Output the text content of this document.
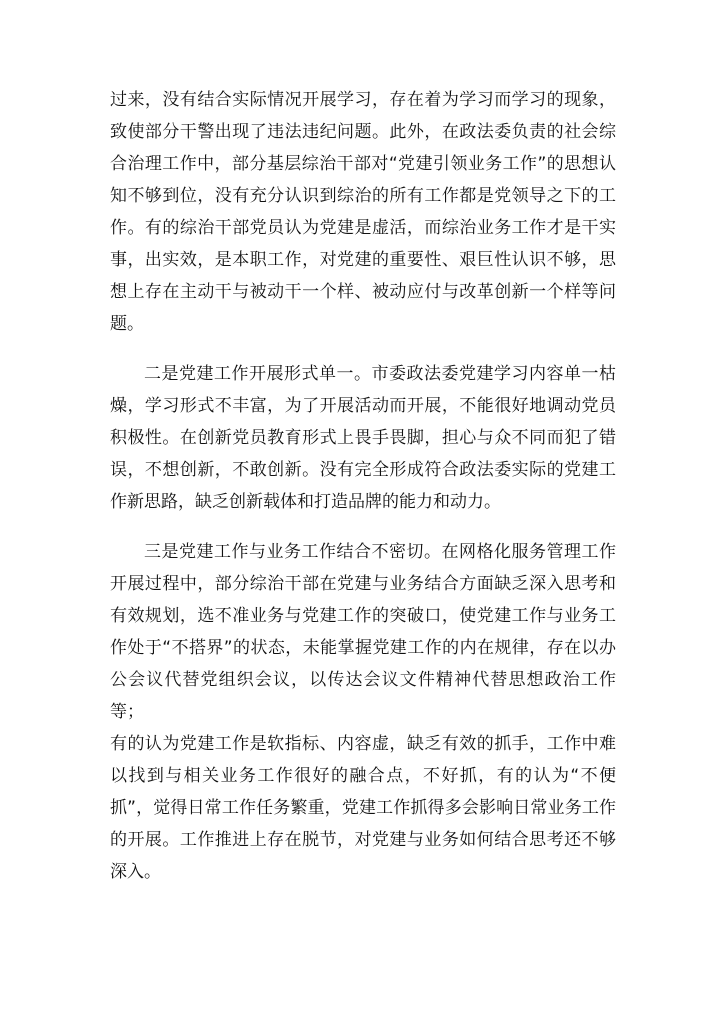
过来，没有结合实际情况开展学习，存在着为学习而学习的现象，致使部分干警出现了违法违纪问题。此外，在政法委负责的社会综合治理工作中，部分基层综治干部对“党建引领业务工作”的思想认知不够到位，没有充分认识到综治的所有工作都是党领导之下的工作。有的综治干部党员认为党建是虚活，而综治业务工作才是干实事，出实效，是本职工作，对党建的重要性、艰巨性认识不够，思想上存在主动干与被动干一个样、被动应付与改革创新一个样等问题。

二是党建工作开展形式单一。市委政法委党建学习内容单一枯燥，学习形式不丰富，为了开展活动而开展，不能很好地调动党员积极性。在创新党员教育形式上畏手畏脚，担心与众不同而犯了错误，不想创新，不敢创新。没有完全形成符合政法委实际的党建工作新思路，缺乏创新载体和打造品牌的能力和动力。

三是党建工作与业务工作结合不密切。在网格化服务管理工作开展过程中，部分综治干部在党建与业务结合方面缺乏深入思考和有效规划，选不准业务与党建工作的突破口，使党建工作与业务工作处于“不搭界”的状态，未能掌握党建工作的内在规律，存在以办公会议代替党组织会议，以传达会议文件精神代替思想政治工作等；

有的认为党建工作是软指标、内容虚，缺乏有效的抓手，工作中难以找到与相关业务工作很好的融合点，不好抓，有的认为“不便抓”，觉得日常工作任务繁重，党建工作抓得多会影响日常业务工作的开展。工作推进上存在脱节，对党建与业务如何结合思考还不够深入。
